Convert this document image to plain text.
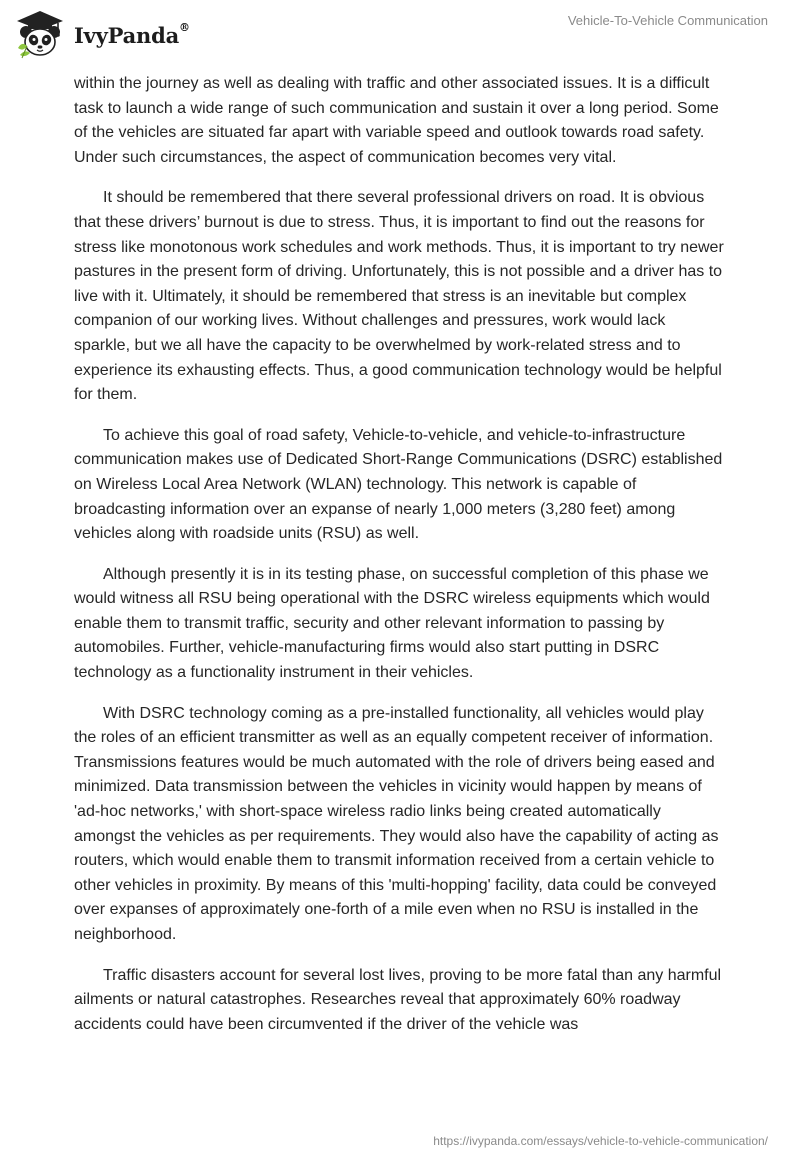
IvyPanda®	Vehicle-To-Vehicle Communication

within the journey as well as dealing with traffic and other associated issues. It is a difficult task to launch a wide range of such communication and sustain it over a long period. Some of the vehicles are situated far apart with variable speed and outlook towards road safety. Under such circumstances, the aspect of communication becomes very vital.

It should be remembered that there several professional drivers on road. It is obvious that these drivers’ burnout is due to stress. Thus, it is important to find out the reasons for stress like monotonous work schedules and work methods. Thus, it is important to try newer pastures in the present form of driving. Unfortunately, this is not possible and a driver has to live with it. Ultimately, it should be remembered that stress is an inevitable but complex companion of our working lives. Without challenges and pressures, work would lack sparkle, but we all have the capacity to be overwhelmed by work-related stress and to experience its exhausting effects. Thus, a good communication technology would be helpful for them.

To achieve this goal of road safety, Vehicle-to-vehicle, and vehicle-to-infrastructure communication makes use of Dedicated Short-Range Communications (DSRC) established on Wireless Local Area Network (WLAN) technology. This network is capable of broadcasting information over an expanse of nearly 1,000 meters (3,280 feet) among vehicles along with roadside units (RSU) as well.

Although presently it is in its testing phase, on successful completion of this phase we would witness all RSU being operational with the DSRC wireless equipments which would enable them to transmit traffic, security and other relevant information to passing by automobiles. Further, vehicle-manufacturing firms would also start putting in DSRC technology as a functionality instrument in their vehicles.

With DSRC technology coming as a pre-installed functionality, all vehicles would play the roles of an efficient transmitter as well as an equally competent receiver of information. Transmissions features would be much automated with the role of drivers being eased and minimized. Data transmission between the vehicles in vicinity would happen by means of 'ad-hoc networks,' with short-space wireless radio links being created automatically amongst the vehicles as per requirements. They would also have the capability of acting as routers, which would enable them to transmit information received from a certain vehicle to other vehicles in proximity. By means of this 'multi-hopping' facility, data could be conveyed over expanses of approximately one-forth of a mile even when no RSU is installed in the neighborhood.

Traffic disasters account for several lost lives, proving to be more fatal than any harmful ailments or natural catastrophes. Researches reveal that approximately 60% roadway accidents could have been circumvented if the driver of the vehicle was

https://ivypanda.com/essays/vehicle-to-vehicle-communication/
